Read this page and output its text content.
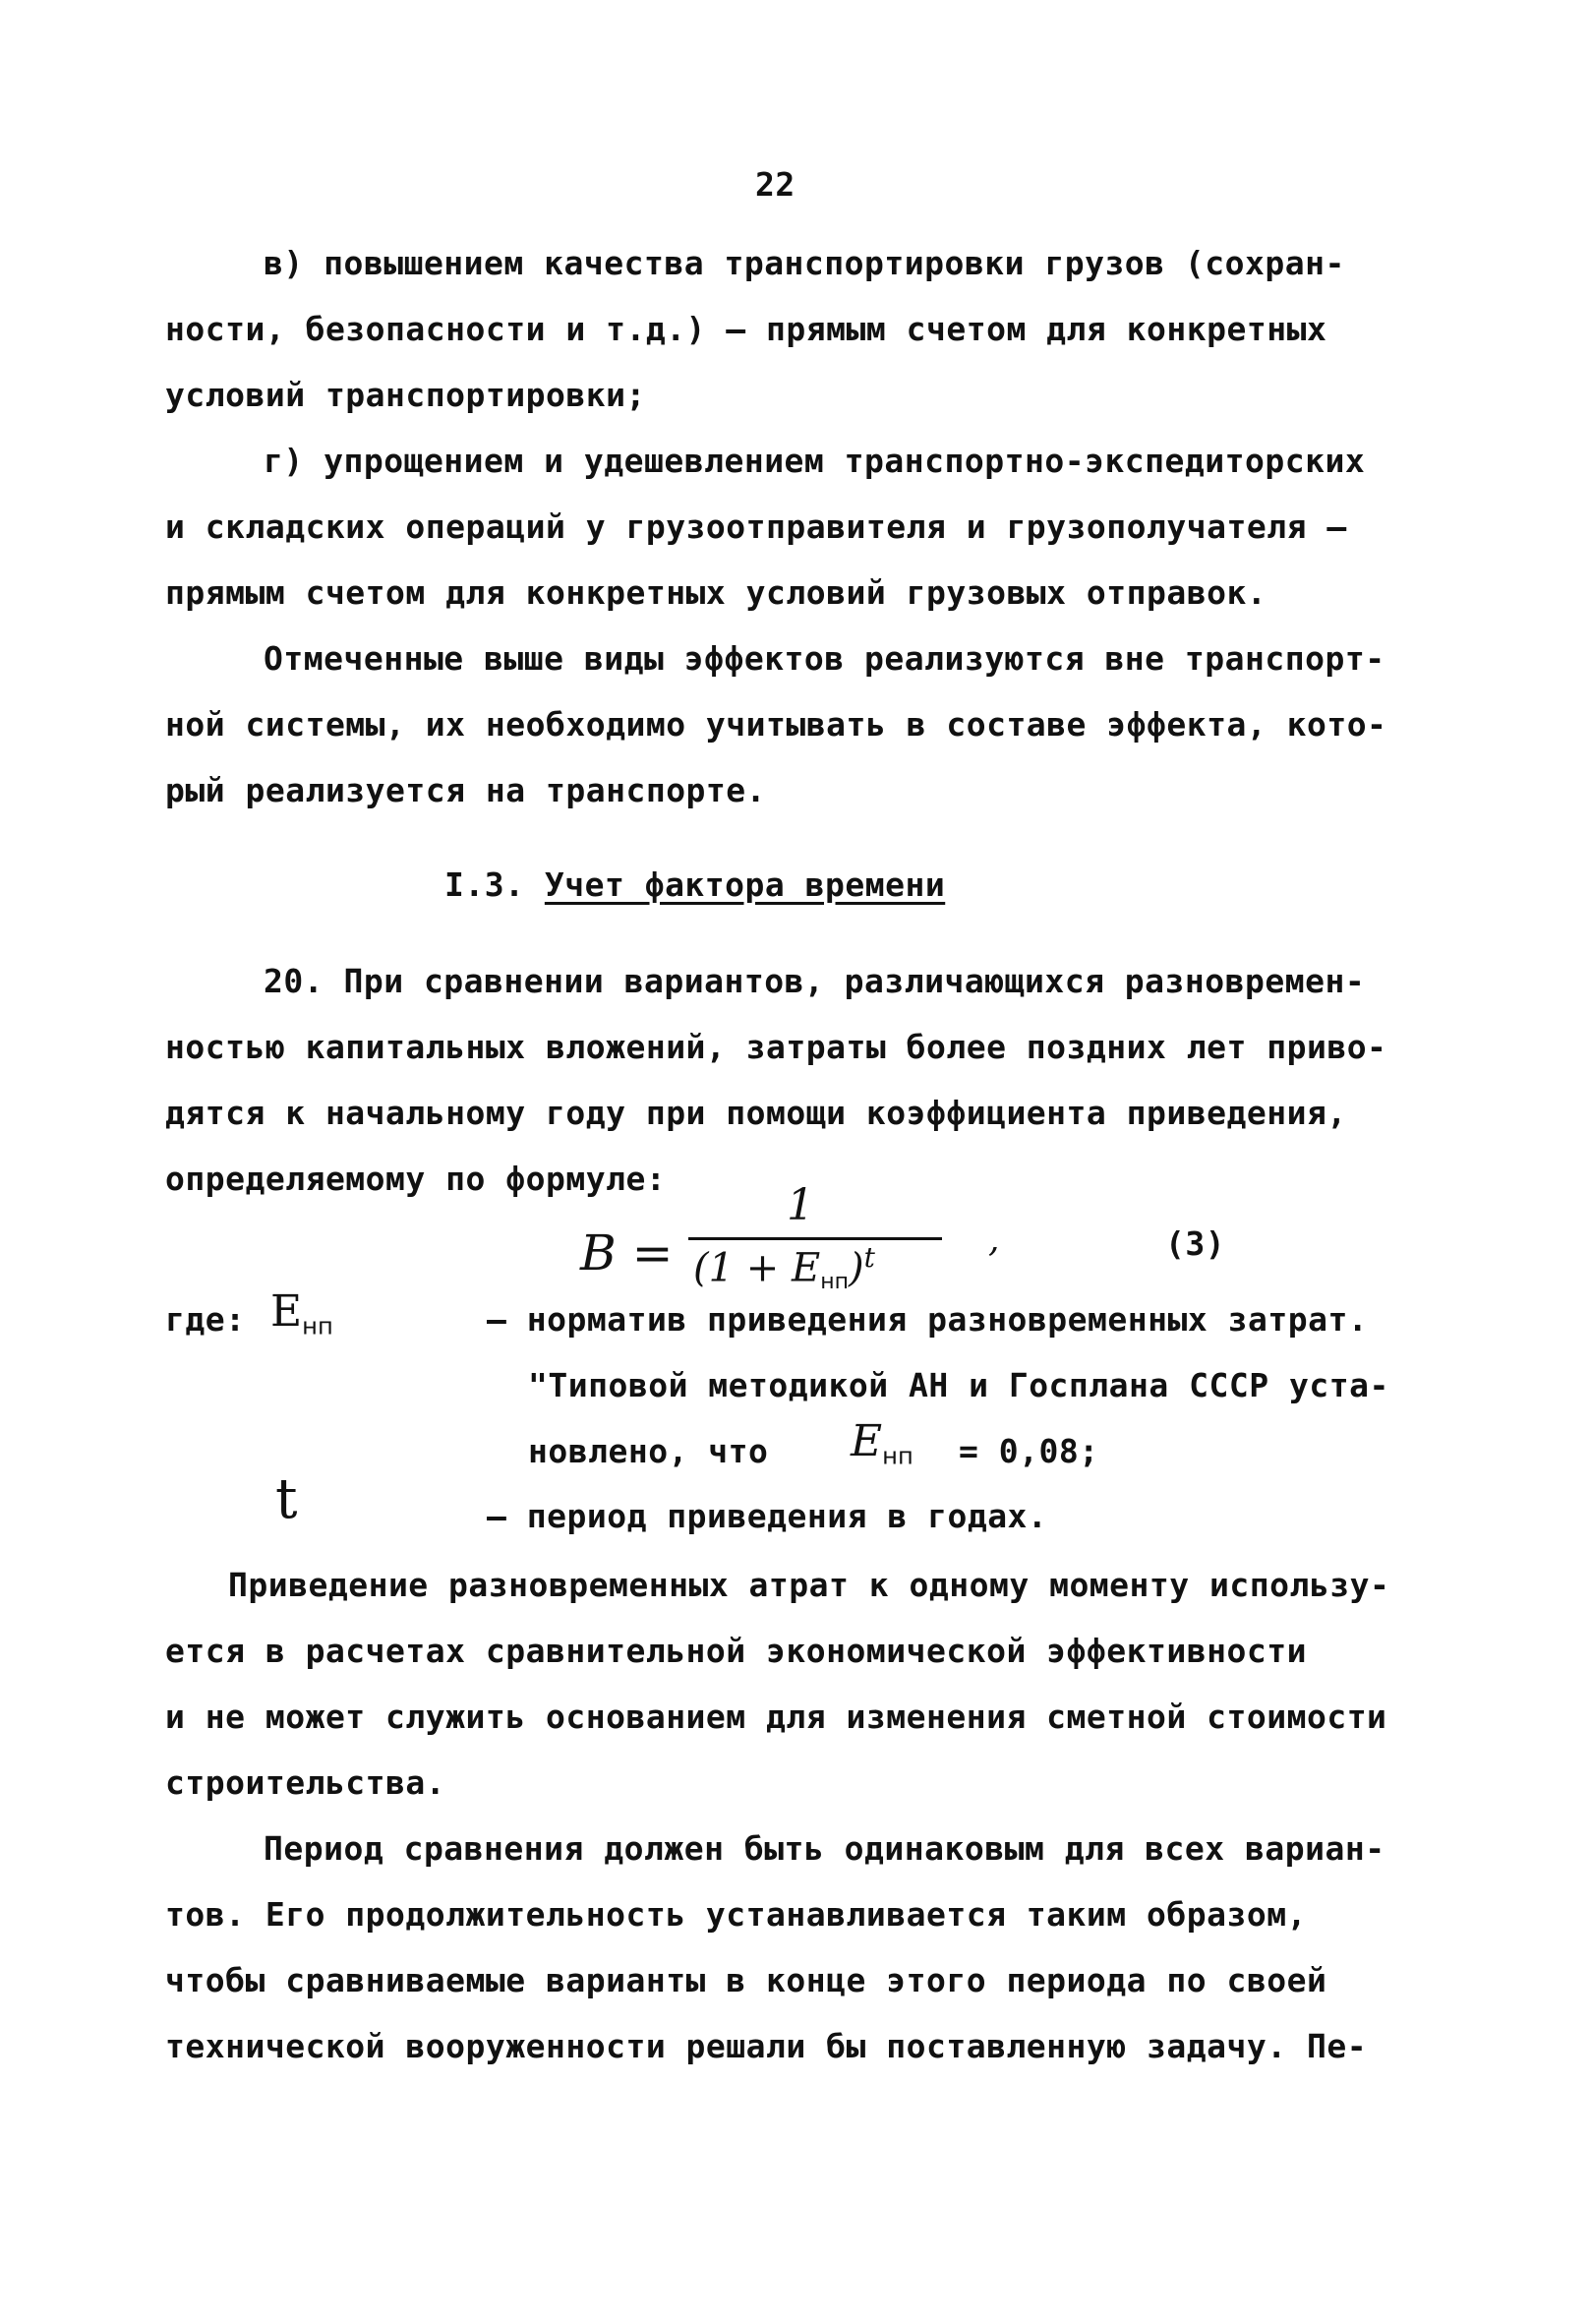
22
в) повышением качества транспортировки грузов (сохран-
ности, безопасности и т.д.) – прямым счетом для конкретных
условий транспортировки;
г) упрощением и удешевлением транспортно-экспедиторских
и складских операций у грузоотправителя и грузополучателя –
прямым счетом для конкретных условий грузовых отправок.
Отмеченные выше виды эффектов реализуются вне транспорт-
ной системы, их необходимо учитывать в составе эффекта, кото-
рый реализуется на транспорте.
I.3. Учет фактора времени
20. При сравнении вариантов, различающихся разновремен-
ностью капитальных вложений, затраты более поздних лет приво-
дятся к начальному году при помощи коэффициента приведения,
определяемому по формуле:
B =
1
$(1 + E_{нп})^t$	,	(3)
где: $E_{нп}$	– норматив приведения разновременных затрат.
"Типовой методикой АН и Госплана СССР уста-
новлено, что $E_{нп} = 0,08$;
t	– период приведения в годах.
Приведение разновременных атрат к одному моменту использу-
ется в расчетах сравнительной экономической эффективности
и не может служить основанием для изменения сметной стоимости
строительства.
Период сравнения должен быть одинаковым для всех вариан-
тов. Его продолжительность устанавливается таким образом,
чтобы сравниваемые варианты в конце этого периода по своей
технической вооруженности решали бы поставленную задачу. Пе-
